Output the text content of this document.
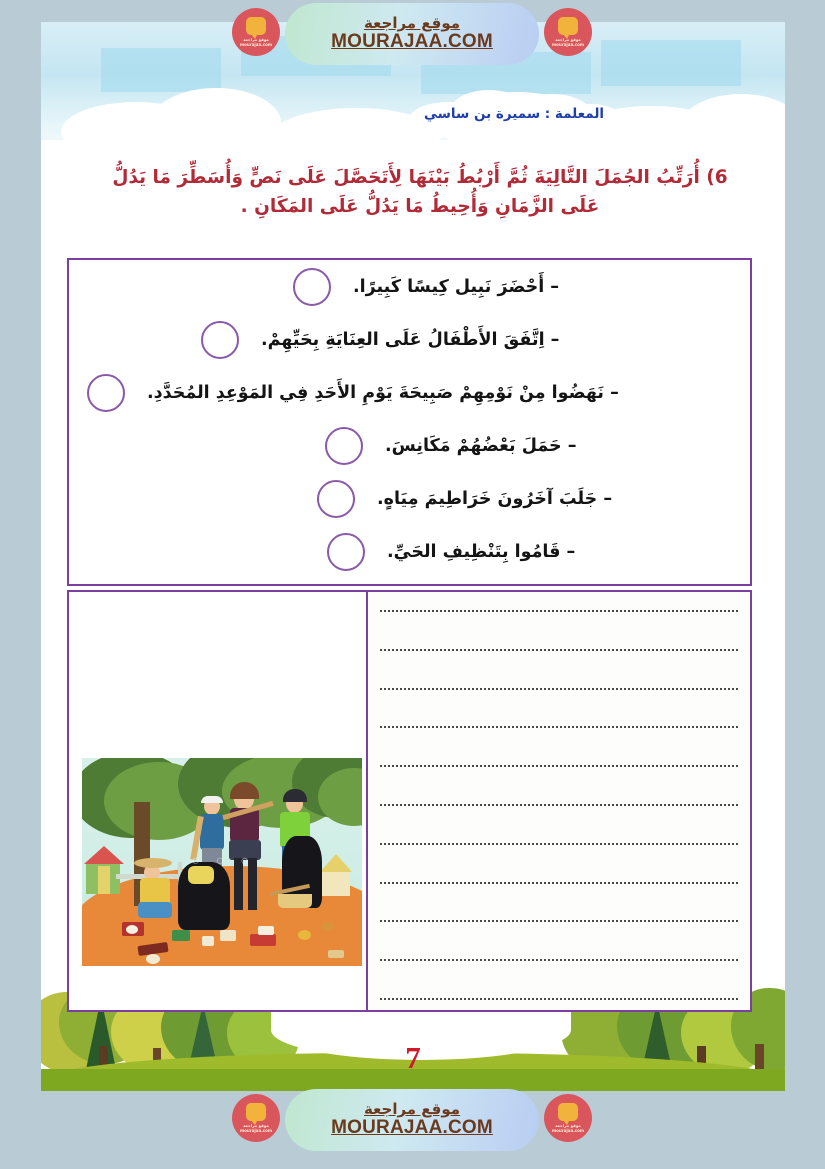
المعلمة : سميرة بن ساسي
6) أُرَتِّبُ الجُمَلَ التَّالِيَةَ ثُمَّ أَرْبُطُ بَيْنَهَا لِأَتَحَصَّلَ عَلَى نَصٍّ وَأُسَطِّرَ مَا يَدُلُّ
عَلَى الزَّمَانِ وَأُحِيطُ مَا يَدُلُّ عَلَى المَكَانِ .
– أَحْضَرَ نَبِيل كِيسًا كَبِيرًا.
– اِتَّفَقَ الأَطْفَالُ عَلَى العِنَايَةِ بِحَيِّهِمْ.
– نَهَضُوا مِنْ نَوْمِهِمْ صَبِيحَةَ يَوْمِ الأَحَدِ فِي المَوْعِدِ المُحَدَّدِ.
– حَمَلَ بَعْضُهُمْ مَكَانِسَ.
– جَلَبَ آخَرُونَ خَرَاطِيمَ مِيَاهٍ.
– قَامُوا بِتَنْظِيفِ الحَيِّ.
◦ ◦ ◦
7
موقع مراجعة
MOURAJAA.COM
موقع مراجعة
mourajaa.com
موقع مراجعة
mourajaa.com
موقع مراجعة
MOURAJAA.COM
موقع مراجعة
mourajaa.com
موقع مراجعة
mourajaa.com
